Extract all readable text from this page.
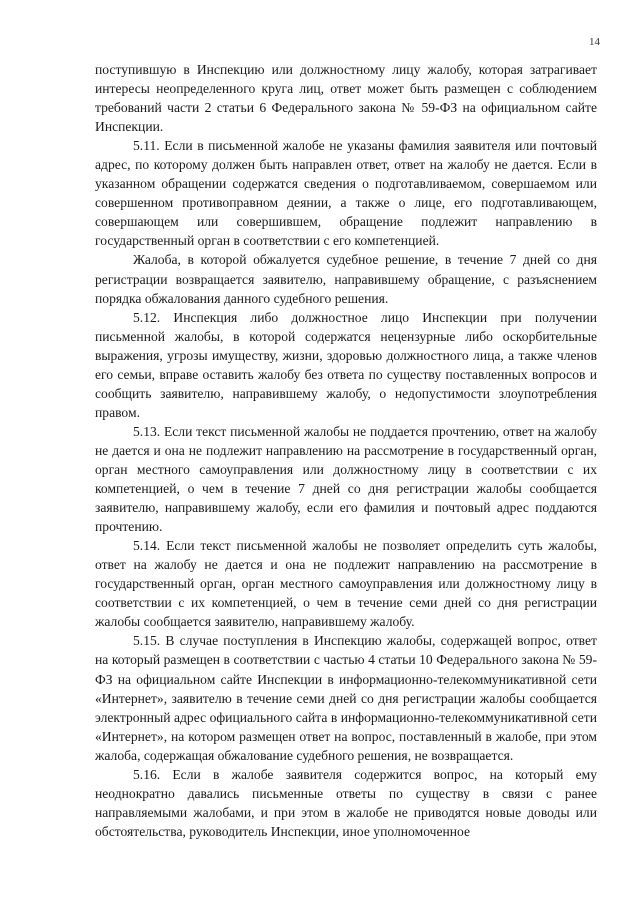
14

поступившую в Инспекцию или должностному лицу жалобу, которая затрагивает интересы неопределенного круга лиц, ответ может быть размещен с соблюдением требований части 2 статьи 6 Федерального закона № 59-ФЗ на официальном сайте Инспекции.

5.11. Если в письменной жалобе не указаны фамилия заявителя или почтовый адрес, по которому должен быть направлен ответ, ответ на жалобу не дается. Если в указанном обращении содержатся сведения о подготавливаемом, совершаемом или совершенном противоправном деянии, а также о лице, его подготавливающем, совершающем или совершившем, обращение подлежит направлению в государственный орган в соответствии с его компетенцией.

Жалоба, в которой обжалуется судебное решение, в течение 7 дней со дня регистрации возвращается заявителю, направившему обращение, с разъяснением порядка обжалования данного судебного решения.

5.12. Инспекция либо должностное лицо Инспекции при получении письменной жалобы, в которой содержатся нецензурные либо оскорбительные выражения, угрозы имуществу, жизни, здоровью должностного лица, а также членов его семьи, вправе оставить жалобу без ответа по существу поставленных вопросов и сообщить заявителю, направившему жалобу, о недопустимости злоупотребления правом.

5.13. Если текст письменной жалобы не поддается прочтению, ответ на жалобу не дается и она не подлежит направлению на рассмотрение в государственный орган, орган местного самоуправления или должностному лицу в соответствии с их компетенцией, о чем в течение 7 дней со дня регистрации жалобы сообщается заявителю, направившему жалобу, если его фамилия и почтовый адрес поддаются прочтению.

5.14. Если текст письменной жалобы не позволяет определить суть жалобы, ответ на жалобу не дается и она не подлежит направлению на рассмотрение в государственный орган, орган местного самоуправления или должностному лицу в соответствии с их компетенцией, о чем в течение семи дней со дня регистрации жалобы сообщается заявителю, направившему жалобу.

5.15. В случае поступления в Инспекцию жалобы, содержащей вопрос, ответ на который размещен в соответствии с частью 4 статьи 10 Федерального закона № 59-ФЗ на официальном сайте Инспекции в информационно-телекоммуникативной сети «Интернет», заявителю в течение семи дней со дня регистрации жалобы сообщается электронный адрес официального сайта в информационно-телекоммуникативной сети «Интернет», на котором размещен ответ на вопрос, поставленный в жалобе, при этом жалоба, содержащая обжалование судебного решения, не возвращается.

5.16. Если в жалобе заявителя содержится вопрос, на который ему неоднократно давались письменные ответы по существу в связи с ранее направляемыми жалобами, и при этом в жалобе не приводятся новые доводы или обстоятельства, руководитель Инспекции, иное уполномоченное
